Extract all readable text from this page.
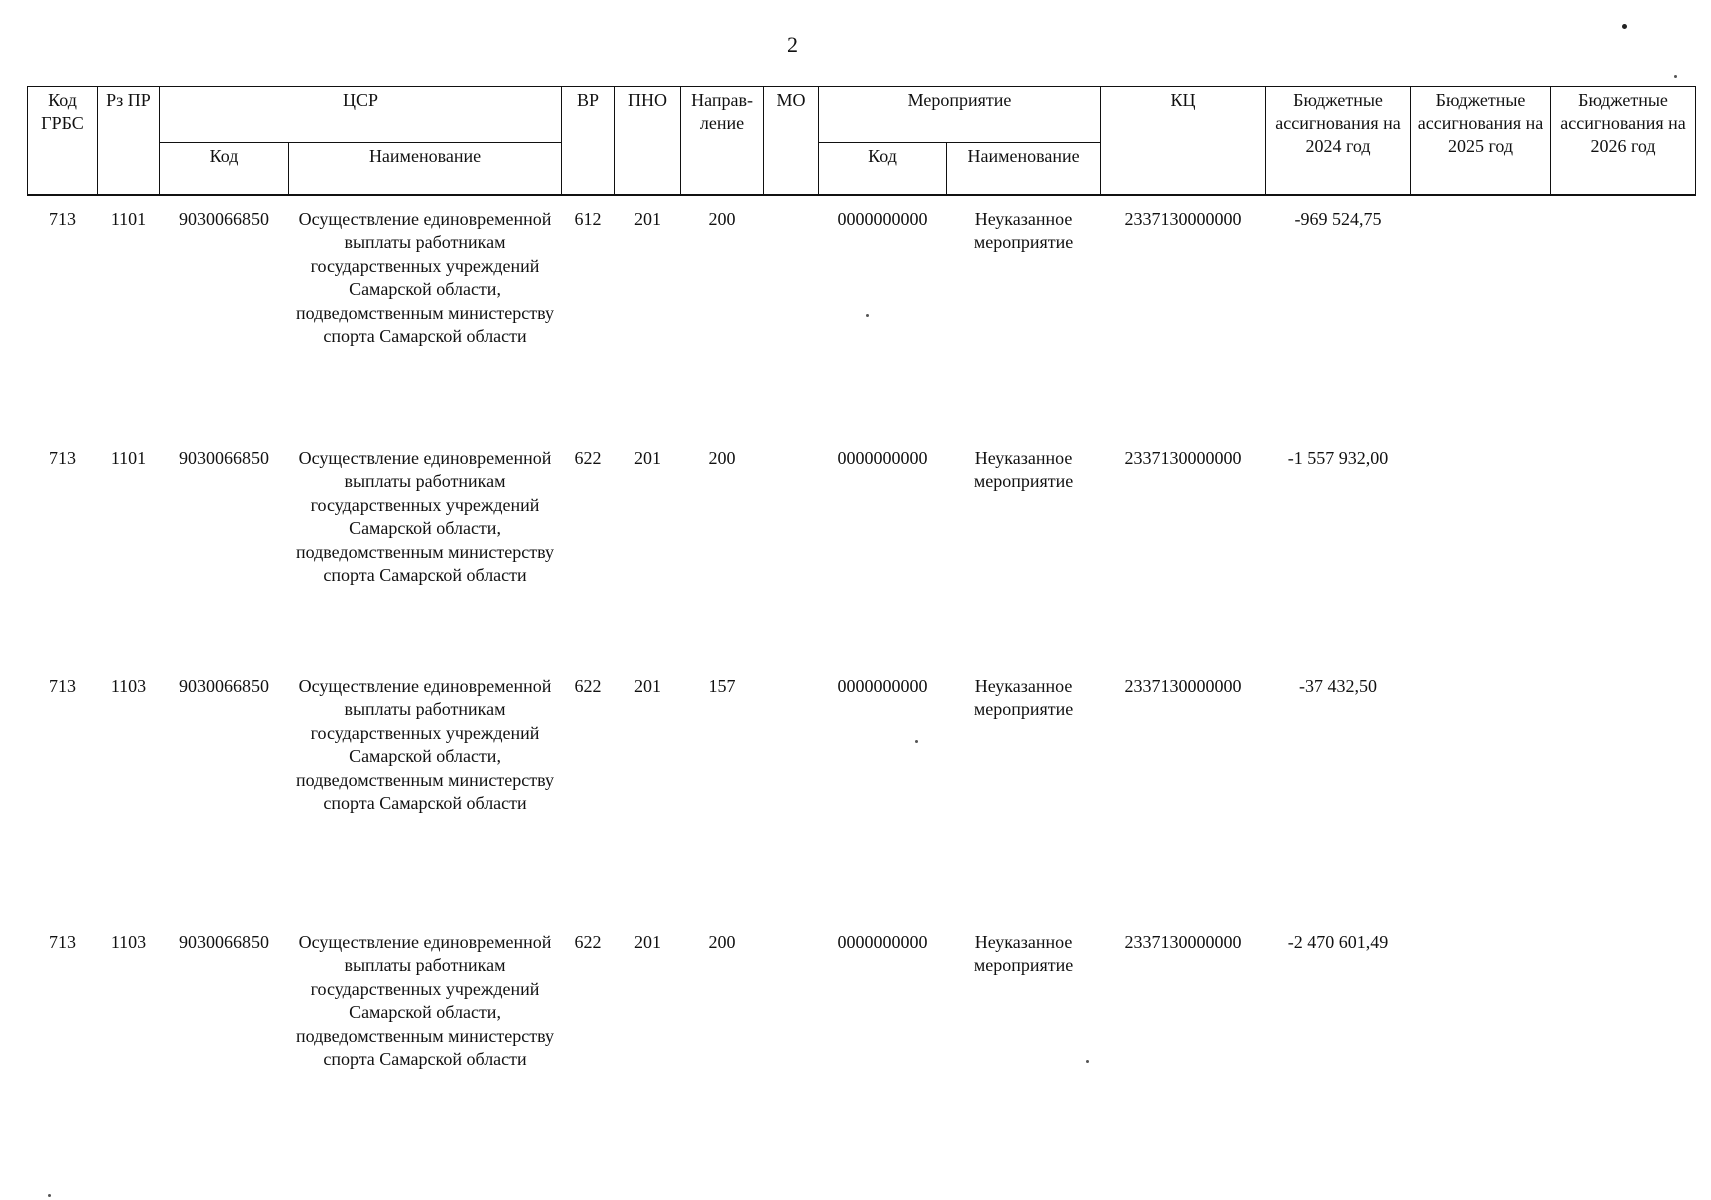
2
Код ГРБС	Рз ПР	ЦСР		ВР	ПНО	Направ-ление	МО	Мероприятие		КЦ	Бюджетные ассигнования на 2024 год	Бюджетные ассигнования на 2025 год	Бюджетные ассигнования на 2026 год
		Код	Наименование					Код	Наименование				
713	1101	9030066850	Осуществление единовременной выплаты работникам государственных учреждений Самарской области, подведомственным министерству спорта Самарской области	612	201	200		0000000000	Неуказанное мероприятие	2337130000000	-969 524,75		
713	1101	9030066850	Осуществление единовременной выплаты работникам государственных учреждений Самарской области, подведомственным министерству спорта Самарской области	622	201	200		0000000000	Неуказанное мероприятие	2337130000000	-1 557 932,00		
713	1103	9030066850	Осуществление единовременной выплаты работникам государственных учреждений Самарской области, подведомственным министерству спорта Самарской области	622	201	157		0000000000	Неуказанное мероприятие	2337130000000	-37 432,50		
713	1103	9030066850	Осуществление единовременной выплаты работникам государственных учреждений Самарской области, подведомственным министерству спорта Самарской области	622	201	200		0000000000	Неуказанное мероприятие	2337130000000	-2 470 601,49		
